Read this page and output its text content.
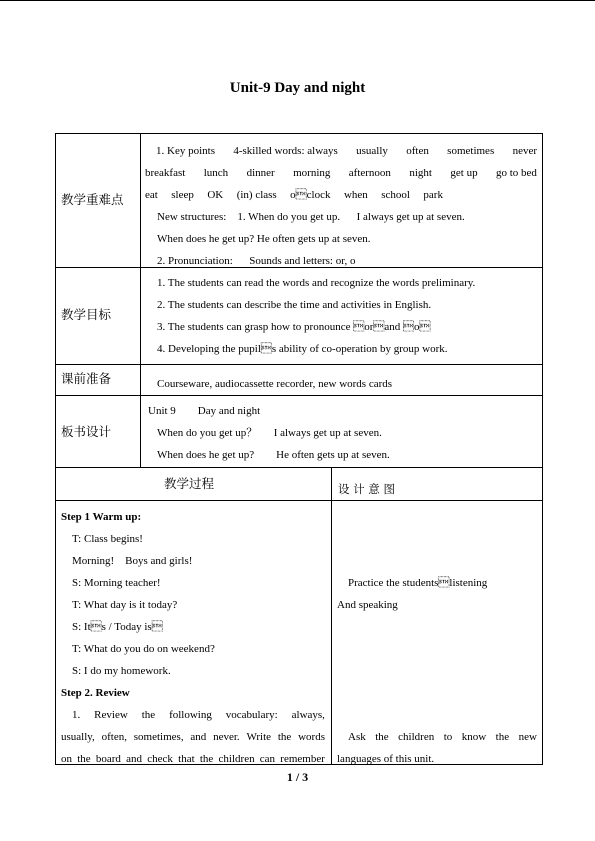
Unit-9 Day and night
教学重难点
1. Key points 4-skilled words: always usually often sometimes never
breakfast lunch dinner morning afternoon night get up go to bed
eat sleep OK (in) class oclock when school park
New structures:    1. When do you get up.      I always get up at seven.
When does he get up? He often gets up at seven.
2. Pronunciation:      Sounds and letters: or, o
教学目标
1. The students can read the words and recognize the words preliminary.
2. The students can describe the time and activities in English.
3. The students can grasp how to pronounce orand o
4. Developing the pupils ability of co-operation by group work.
课前准备	Courseware, audiocassette recorder, new words cards
板书设计
Unit 9        Day and night
When do you get up？      I always get up at seven.
When does he get up?        He often gets up at seven.
教学过程	设 计 意 图
Step 1 Warm up:
T: Class begins!
Morning!    Boys and girls!
S: Morning teacher!
T: What day is it today?
S: Its / Today is
T: What do you do on weekend?
S: I do my homework.
Step 2. Review
1. Review the following vocabulary: always,
usually, often, sometimes, and never. Write the words
on the board and check that the children can remember
Practice the studentslistening
And speaking
Ask the children to know the new
languages of this unit.
1 / 3
